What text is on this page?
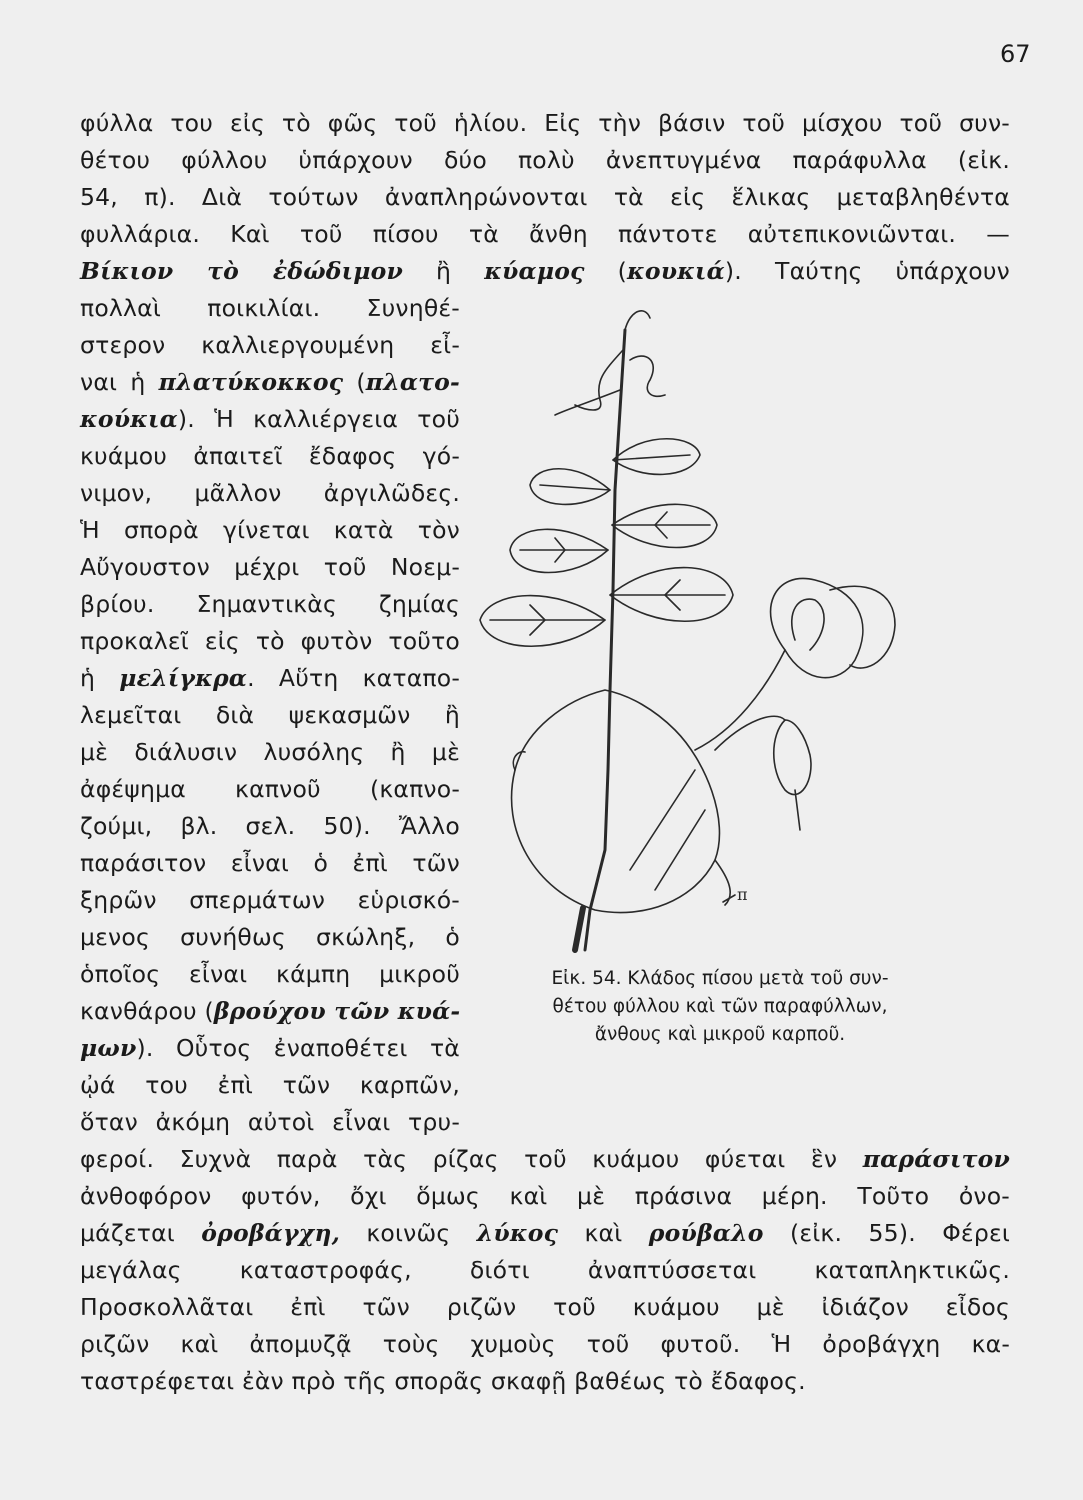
67
φύλλα του εἰς τὸ φῶς τοῦ ἡλίου. Εἰς τὴν βάσιν τοῦ μίσχου τοῦ συν-
θέτου φύλλου ὑπάρχουν δύο πολὺ ἀνεπτυγμένα παράφυλλα (εἰκ.
54, π). Διὰ τούτων ἀναπληρώνονται τὰ εἰς ἕλικας μεταβληθέντα
φυλλάρια. Καὶ τοῦ πίσου τὰ ἄνθη πάντοτε αὐτεπικονιῶνται. —
Βίκιον τὸ ἐδώδιμον ἢ κύαμος (κουκιά). Ταύτης ὑπάρχουν
πολλαὶ ποικιλίαι. Συνηθέ-
στερον καλλιεργουμένη εἶ-
ναι ἡ πλατύκοκκος (πλατο-
κούκια). Ἡ καλλιέργεια τοῦ
κυάμου ἀπαιτεῖ ἔδαφος γό-
νιμον, μᾶλλον ἀργιλῶδες.
Ἡ σπορὰ γίνεται κατὰ τὸν
Αὔγουστον μέχρι τοῦ Νοεμ-
βρίου. Σημαντικὰς ζημίας
προκαλεῖ εἰς τὸ φυτὸν τοῦτο
ἡ μελίγκρα. Αὕτη καταπο-
λεμεῖται διὰ ψεκασμῶν ἢ
μὲ διάλυσιν λυσόλης ἢ μὲ
ἀφέψημα καπνοῦ (καπνο-
ζούμι, βλ. σελ. 50). Ἄλλο
παράσιτον εἶναι ὁ ἐπὶ τῶν
ξηρῶν σπερμάτων εὑρισκό-
μενος συνήθως σκώληξ, ὁ
ὁποῖος εἶναι κάμπη μικροῦ
κανθάρου (βρούχου τῶν κυά-
μων). Οὗτος ἐναποθέτει τὰ
ᾠά του ἐπὶ τῶν καρπῶν,
ὅταν ἀκόμη αὐτοὶ εἶναι τρυ-
φεροί. Συχνὰ παρὰ τὰς ρίζας τοῦ κυάμου φύεται ἓν παράσιτον
ἀνθοφόρον φυτόν, ὄχι ὅμως καὶ μὲ πράσινα μέρη. Τοῦτο ὀνο-
μάζεται ὀροβάγχη, κοινῶς λύκος καὶ ρούβαλο (εἰκ. 55). Φέρει
μεγάλας καταστροφάς, διότι ἀναπτύσσεται καταπληκτικῶς.
Προσκολλᾶται ἐπὶ τῶν ριζῶν τοῦ κυάμου μὲ ἰδιάζον εἶδος
ριζῶν καὶ ἀπομυζᾷ τοὺς χυμοὺς τοῦ φυτοῦ. Ἡ ὀροβάγχη κα-
ταστρέφεται ἐὰν πρὸ τῆς σπορᾶς σκαφῇ βαθέως τὸ ἔδαφος.
π
Εἰκ. 54. Κλάδος πίσου μετὰ τοῦ συν-
θέτου φύλλου καὶ τῶν παραφύλλων,
ἄνθους καὶ μικροῦ καρποῦ.
